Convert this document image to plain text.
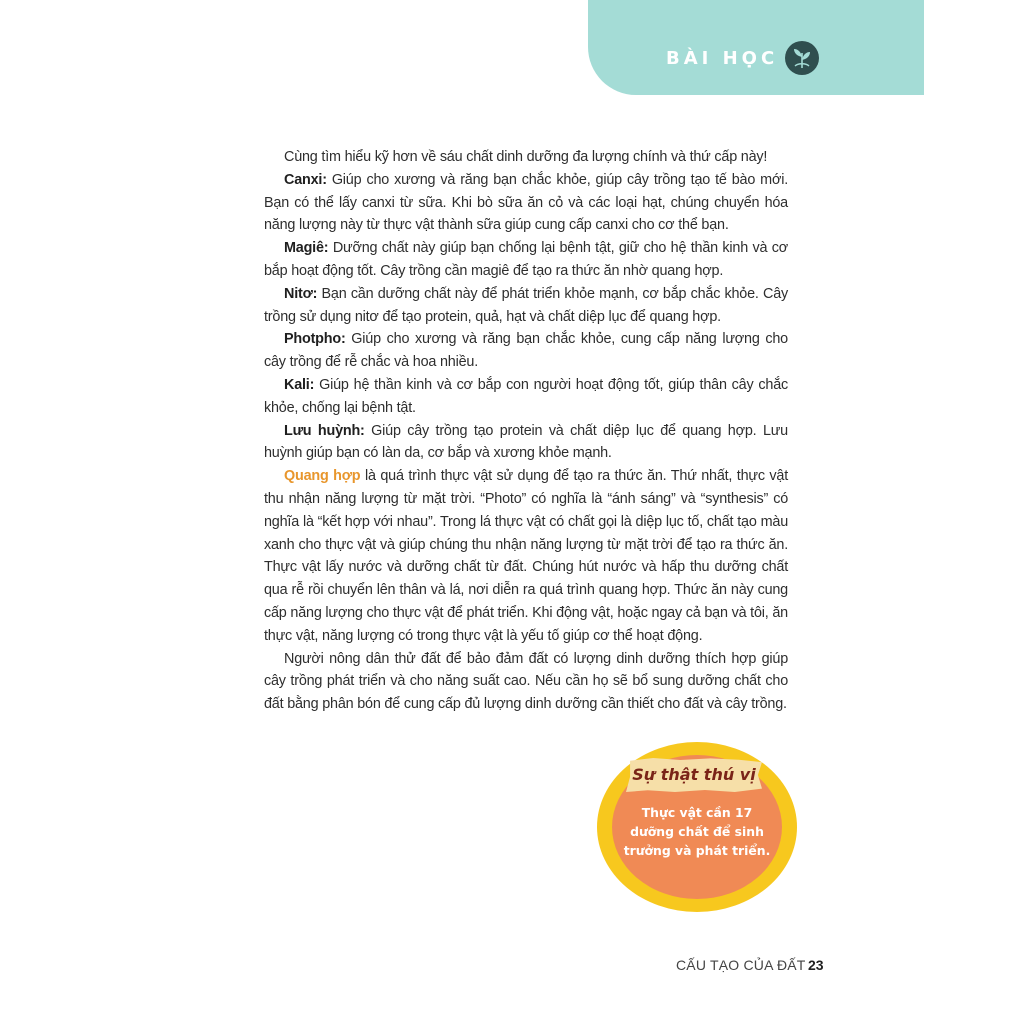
BÀI HỌC

Cùng tìm hiểu kỹ hơn về sáu chất dinh dưỡng đa lượng chính và thứ cấp này!

Canxi: Giúp cho xương và răng bạn chắc khỏe, giúp cây trồng tạo tế bào mới. Bạn có thể lấy canxi từ sữa. Khi bò sữa ăn cỏ và các loại hạt, chúng chuyển hóa năng lượng này từ thực vật thành sữa giúp cung cấp canxi cho cơ thể bạn.

Magiê: Dưỡng chất này giúp bạn chống lại bệnh tật, giữ cho hệ thần kinh và cơ bắp hoạt động tốt. Cây trồng cần magiê để tạo ra thức ăn nhờ quang hợp.

Nitơ: Bạn cần dưỡng chất này để phát triển khỏe mạnh, cơ bắp chắc khỏe. Cây trồng sử dụng nitơ để tạo protein, quả, hạt và chất diệp lục để quang hợp.

Photpho: Giúp cho xương và răng bạn chắc khỏe, cung cấp năng lượng cho cây trồng để rễ chắc và hoa nhiều.

Kali: Giúp hệ thần kinh và cơ bắp con người hoạt động tốt, giúp thân cây chắc khỏe, chống lại bệnh tật.

Lưu huỳnh: Giúp cây trồng tạo protein và chất diệp lục để quang hợp. Lưu huỳnh giúp bạn có làn da, cơ bắp và xương khỏe mạnh.

Quang hợp là quá trình thực vật sử dụng để tạo ra thức ăn. Thứ nhất, thực vật thu nhận năng lượng từ mặt trời. “Photo” có nghĩa là “ánh sáng” và “synthesis” có nghĩa là “kết hợp với nhau”. Trong lá thực vật có chất gọi là diệp lục tố, chất tạo màu xanh cho thực vật và giúp chúng thu nhận năng lượng từ mặt trời để tạo ra thức ăn. Thực vật lấy nước và dưỡng chất từ đất. Chúng hút nước và hấp thu dưỡng chất qua rễ rồi chuyển lên thân và lá, nơi diễn ra quá trình quang hợp. Thức ăn này cung cấp năng lượng cho thực vật để phát triển. Khi động vật, hoặc ngay cả bạn và tôi, ăn thực vật, năng lượng có trong thực vật là yếu tố giúp cơ thể hoạt động.

Người nông dân thử đất để bảo đảm đất có lượng dinh dưỡng thích hợp giúp cây trồng phát triển và cho năng suất cao. Nếu cần họ sẽ bổ sung dưỡng chất cho đất bằng phân bón để cung cấp đủ lượng dinh dưỡng cần thiết cho đất và cây trồng.

Sự thật thú vị
Thực vật cần 17 dưỡng chất để sinh trưởng và phát triển.
CẤU TẠO CỦA ĐẤT 23
